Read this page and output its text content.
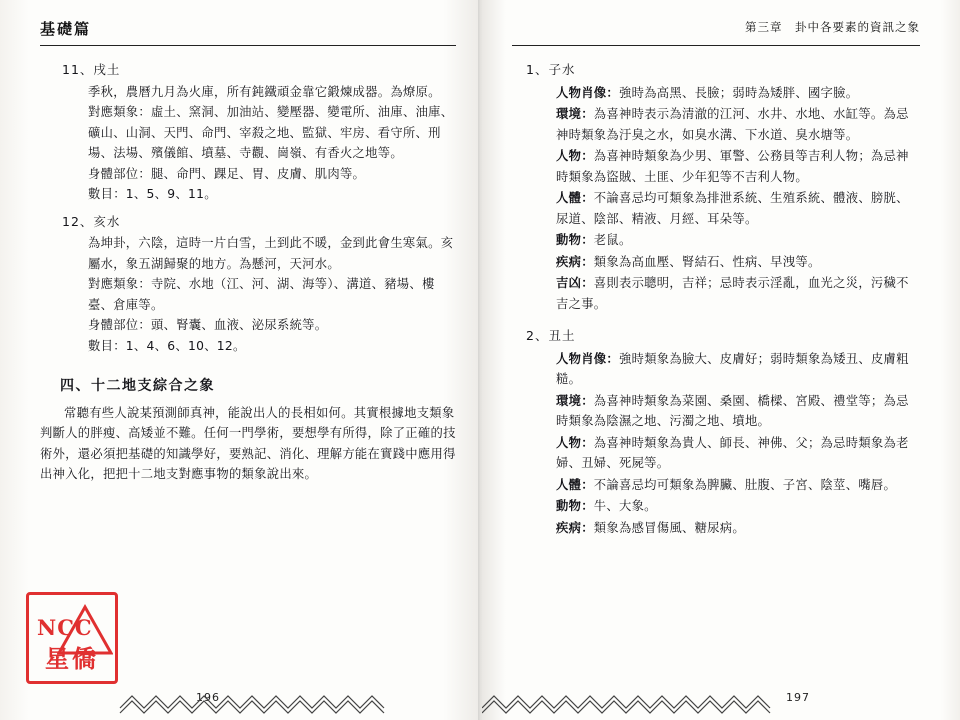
基礎篇
11、戌土

季秋，農曆九月為火庫，所有鈍鐵頑金靠它鍛煉成器。為燎原。

對應類象：虛土、窯洞、加油站、變壓器、變電所、油庫、油庫、礦山、山洞、天門、命門、宰殺之地、監獄、牢房、看守所、刑場、法場、殯儀館、墳墓、寺觀、崗嶺、有香火之地等。

身體部位：腿、命門、踝足、胃、皮膚、肌肉等。

數目：1、5、9、11。

12、亥水

為坤卦，六陰，這時一片白雪，土到此不暖，金到此會生寒氣。亥屬水，象五湖歸聚的地方。為懸河，天河水。

對應類象：寺院、水地（江、河、湖、海等）、溝道、豬場、樓臺、倉庫等。

身體部位：頭、腎囊、血液、泌尿系統等。

數目：1、4、6、10、12。

四、十二地支綜合之象

常聽有些人說某預測師真神，能說出人的長相如何。其實根據地支類象判斷人的胖瘦、高矮並不難。任何一門學術，要想學有所得，除了正確的技術外，還必須把基礎的知識學好，要熟記、消化、理解方能在實踐中應用得出神入化，把把十二地支對應事物的類象說出來。

NCC
星僑
196
第三章　卦中各要素的資訊之象
1、子水

人物肖像：強時為高黑、長臉；弱時為矮胖、國字臉。

環境：為喜神時表示為清澈的江河、水井、水地、水缸等。為忌神時類象為汙臭之水，如臭水溝、下水道、臭水塘等。

人物：為喜神時類象為少男、軍警、公務員等吉利人物；為忌神時類象為盜賊、土匪、少年犯等不吉利人物。

人體：不論喜忌均可類象為排泄系統、生殖系統、體液、膀胱、尿道、陰部、精液、月經、耳朵等。

動物：老鼠。

疾病：類象為高血壓、腎結石、性病、早洩等。

吉凶：喜則表示聰明，吉祥；忌時表示淫亂，血光之災，污穢不吉之事。

2、丑土

人物肖像：強時類象為臉大、皮膚好；弱時類象為矮丑、皮膚粗糙。

環境：為喜神時類象為菜園、桑園、橋樑、宮殿、禮堂等；為忌時類象為陰濕之地、污濁之地、墳地。

人物：為喜神時類象為貴人、師長、神佛、父；為忌時類象為老婦、丑婦、死屍等。

人體：不論喜忌均可類象為脾臟、肚腹、子宮、陰莖、嘴唇。

動物：牛、大象。

疾病：類象為感冒傷風、糖尿病。

197
